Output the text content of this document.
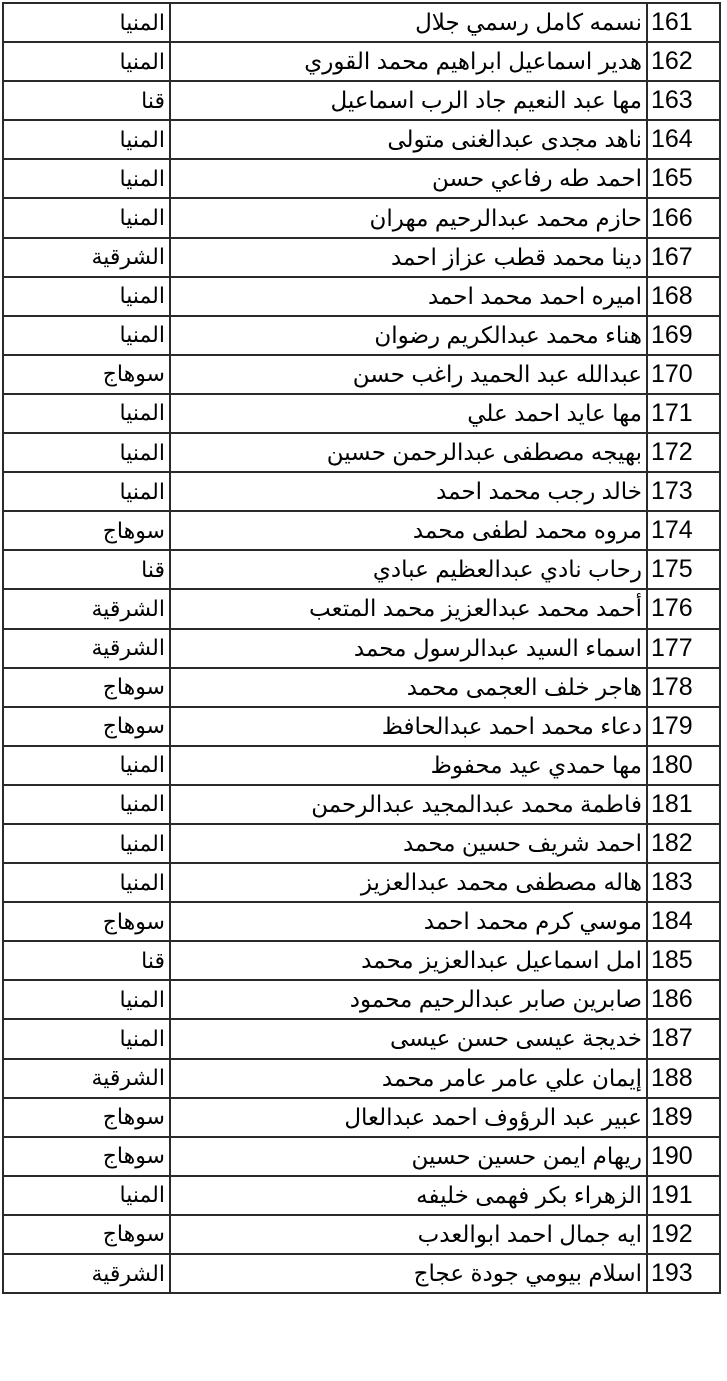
المنيا	نسمه كامل رسمي جلال	161
المنيا	هدير اسماعيل ابراهيم محمد القوري	162
قنا	مها عبد النعيم جاد الرب اسماعيل	163
المنيا	ناهد مجدى عبدالغنى متولى	164
المنيا	احمد طه رفاعي حسن	165
المنيا	حازم محمد عبدالرحيم مهران	166
الشرقية	دينا محمد قطب عزاز احمد	167
المنيا	اميره احمد محمد احمد	168
المنيا	هناء محمد عبدالكريم رضوان	169
سوهاج	عبدالله عبد الحميد راغب حسن	170
المنيا	مها عايد احمد علي	171
المنيا	بهيجه مصطفى عبدالرحمن حسين	172
المنيا	خالد رجب محمد احمد	173
سوهاج	مروه محمد لطفى محمد	174
قنا	رحاب نادي عبدالعظيم عبادي	175
الشرقية	أحمد محمد عبدالعزيز محمد المتعب	176
الشرقية	اسماء السيد عبدالرسول محمد	177
سوهاج	هاجر خلف العجمى محمد	178
سوهاج	دعاء محمد احمد عبدالحافظ	179
المنيا	مها حمدي عيد محفوظ	180
المنيا	فاطمة محمد عبدالمجيد عبدالرحمن	181
المنيا	احمد شريف حسين محمد	182
المنيا	هاله مصطفى محمد عبدالعزيز	183
سوهاج	موسي كرم محمد احمد	184
قنا	امل اسماعيل عبدالعزيز محمد	185
المنيا	صابرين صابر عبدالرحيم محمود	186
المنيا	خديجة عيسى حسن عيسى	187
الشرقية	إيمان علي عامر عامر محمد	188
سوهاج	عبير عبد الرؤوف احمد عبدالعال	189
سوهاج	ريهام ايمن حسين حسين	190
المنيا	الزهراء بكر فهمى خليفه	191
سوهاج	ايه جمال احمد ابوالعدب	192
الشرقية	اسلام بيومي جودة عجاج	193
